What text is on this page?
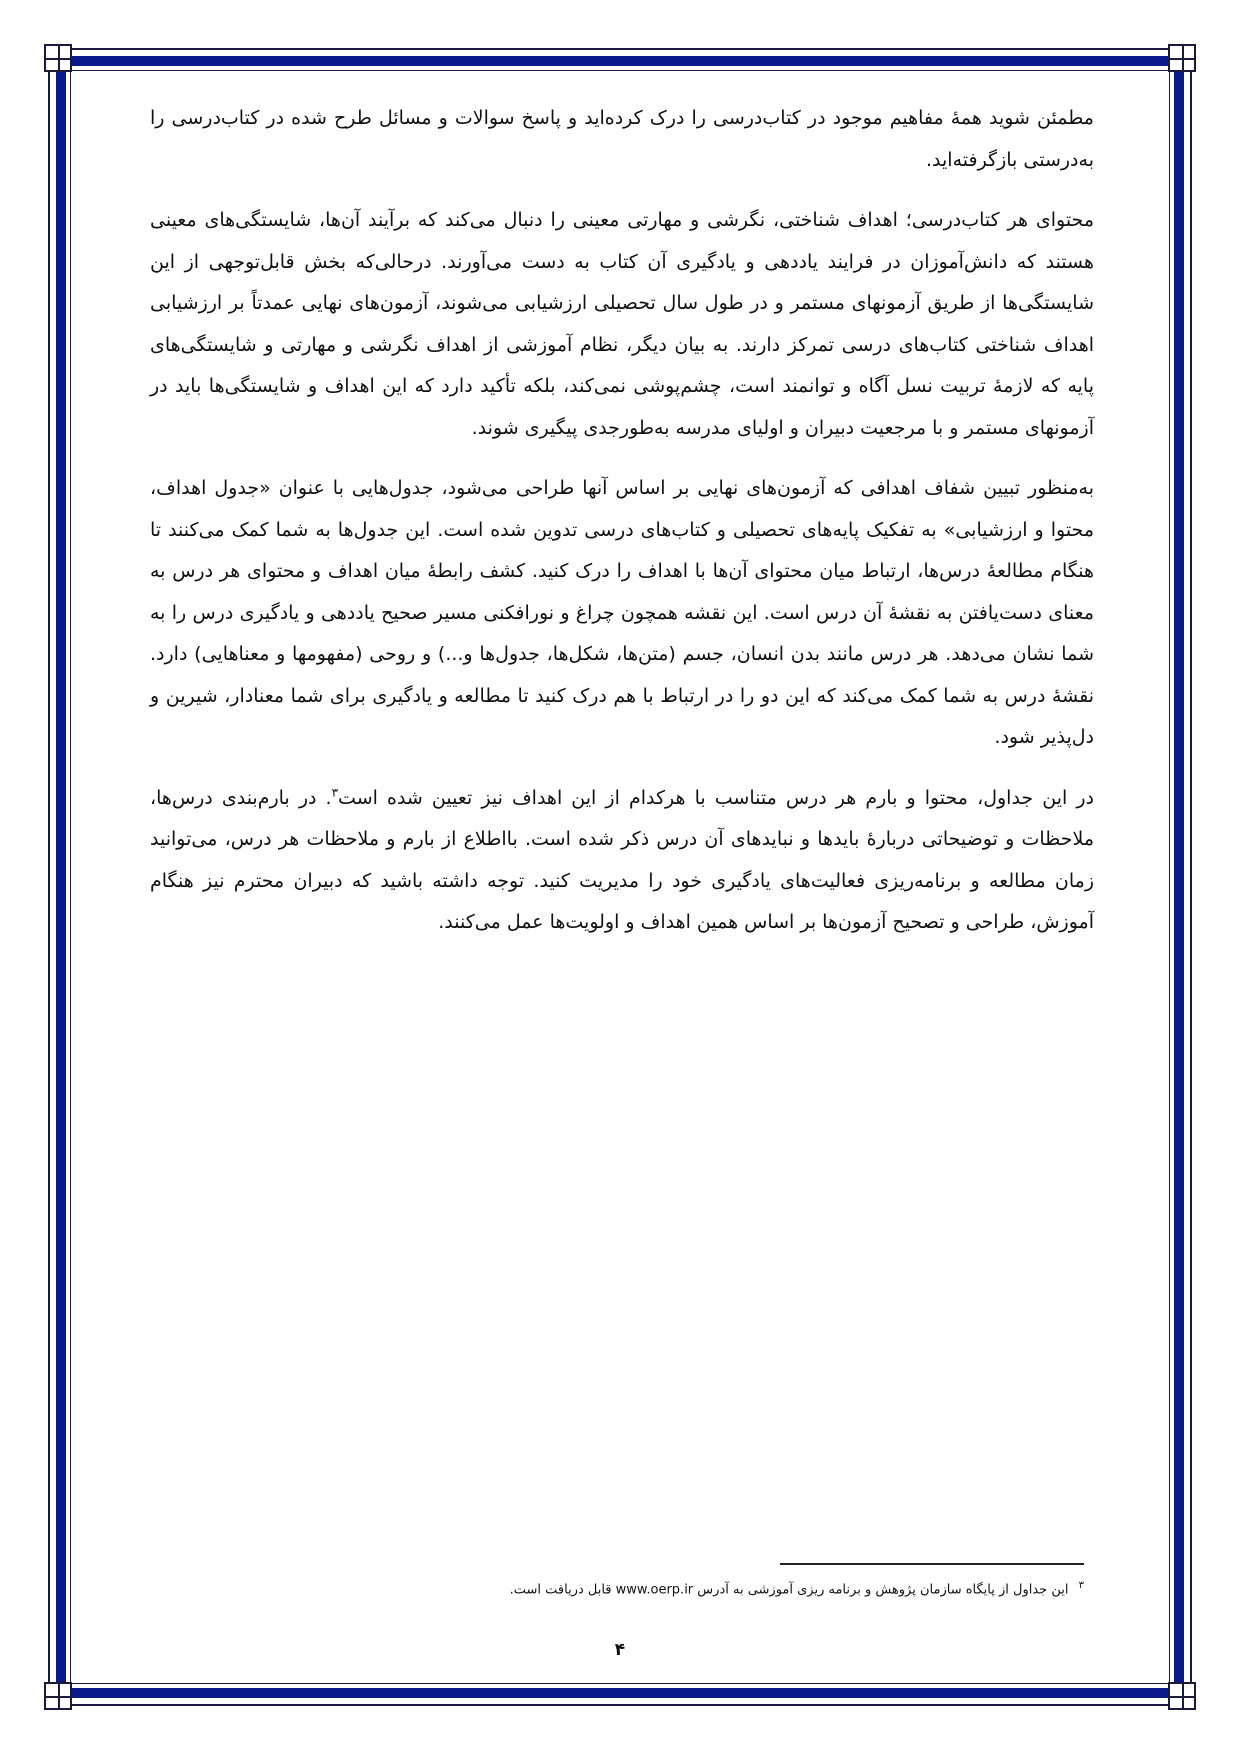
مطمئن شوید همهٔ مفاهیم موجود در کتاب‌درسی را درک کرده‌اید و پاسخ سوالات و مسائل طرح شده در کتاب‌درسی را به‌درستی بازگرفته‌اید.

محتوای هر کتاب‌درسی؛ اهداف شناختی، نگرشی و مهارتی معینی را دنبال می‌کند که برآیند آن‌ها، شایستگی‌های معینی هستند که دانش‌آموزان در فرایند یاددهی و یادگیری آن کتاب به دست می‌آورند. درحالی‌که بخش قابل‌توجهی از این شایستگی‌ها از طریق آزمونهای مستمر و در طول سال تحصیلی ارزشیابی می‌شوند، آزمون‌های نهایی عمدتاً بر ارزشیابی اهداف شناختی کتاب‌های درسی تمرکز دارند. به بیان دیگر، نظام آموزشی از اهداف نگرشی و مهارتی و شایستگی‌های پایه که لازمهٔ تربیت نسل آگاه و توانمند است، چشم‌پوشی نمی‌کند، بلکه تأکید دارد که این اهداف و شایستگی‌ها باید در آزمونهای مستمر و با مرجعیت دبیران و اولیای مدرسه به‌طورجدی پیگیری شوند.

به‌منظور تبیین شفاف اهدافی که آزمون‌های نهایی بر اساس آنها طراحی می‌شود، جدول‌هایی با عنوان «جدول اهداف، محتوا و ارزشیابی» به تفکیک پایه‌های تحصیلی و کتاب‌های درسی تدوین شده است. این جدول‌ها به شما کمک می‌کنند تا هنگام مطالعهٔ درس‌ها، ارتباط میان محتوای آن‌ها با اهداف را درک کنید. کشف رابطهٔ میان اهداف و محتوای هر درس به معنای دست‌یافتن به نقشهٔ آن درس است. این نقشه همچون چراغ و نورافکنی مسیر صحیح یاددهی و یادگیری درس را به شما نشان می‌دهد. هر درس مانند بدن انسان، جسم (متن‌ها، شکل‌ها، جدول‌ها و...) و روحی (مفهومها و معناهایی) دارد. نقشهٔ درس به شما کمک می‌کند که این دو را در ارتباط با هم درک کنید تا مطالعه و یادگیری برای شما معنادار، شیرین و دل‌پذیر شود.

در این جداول، محتوا و بارم هر درس متناسب با هرکدام از این اهداف نیز تعیین شده است$^۳$. در بارم‌بندی درس‌ها، ملاحظات و توضیحاتی دربارهٔ بایدها و نبایدهای آن درس ذکر شده است. بااطلاع از بارم و ملاحظات هر درس، می‌توانید زمان مطالعه و برنامه‌ریزی فعالیت‌های یادگیری خود را مدیریت کنید. توجه داشته باشید که دبیران محترم نیز هنگام آموزش، طراحی و تصحیح آزمون‌ها بر اساس همین اهداف و اولویت‌ها عمل می‌کنند.

$^۳$ این جداول از پایگاه سازمان پژوهش و برنامه ریزی آموزشی به آدرس www.oerp.ir قابل دریافت است.
۴
